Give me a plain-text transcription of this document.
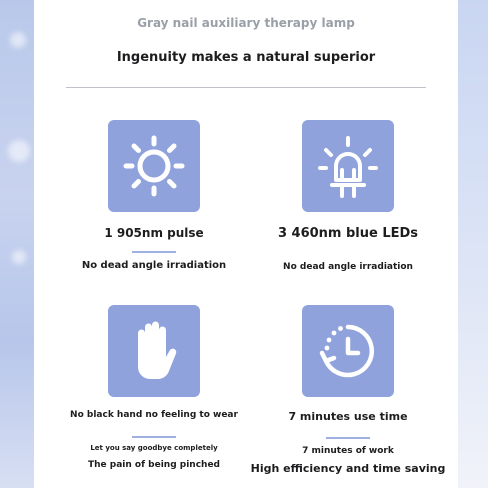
Gray nail auxiliary therapy lamp
Ingenuity makes a natural superior
1 905nm pulse
No dead angle irradiation
3 460nm blue LEDs
No dead angle irradiation
No black hand no feeling to wear
Let you say goodbye completely
The pain of being pinched
7 minutes use time
7 minutes of work
High efficiency and time saving
